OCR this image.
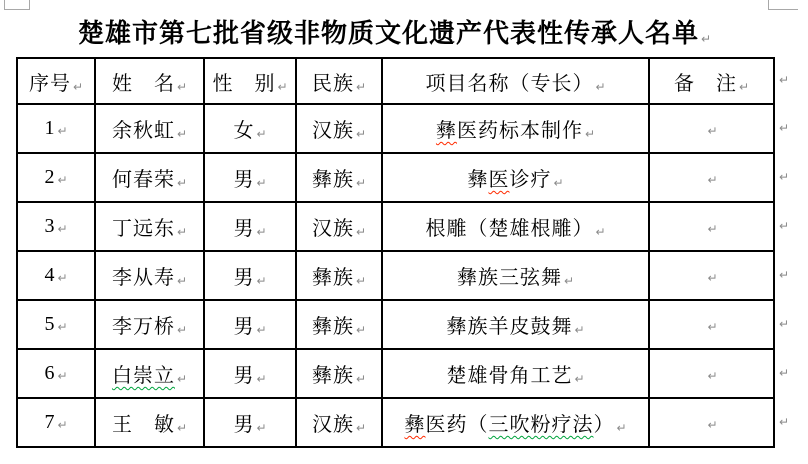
楚雄市第七批省级非物质文化遗产代表性传承人名单 ↵
序号 ↵	姓　名 ↵	性　别 ↵	民族 ↵	项目名称（专长） ↵	备　注 ↵
1 ↵	余秋虹 ↵	女 ↵	汉族 ↵	彝医药标本制作 ↵	↵
2 ↵	何春荣 ↵	男 ↵	彝族 ↵	彝医诊疗 ↵	↵
3 ↵	丁远东 ↵	男 ↵	汉族 ↵	根雕（楚雄根雕） ↵	↵
4 ↵	李从寿 ↵	男 ↵	彝族 ↵	彝族三弦舞 ↵	↵
5 ↵	李万桥 ↵	男 ↵	彝族 ↵	彝族羊皮鼓舞 ↵	↵
6 ↵	白崇立 ↵	男 ↵	彝族 ↵	楚雄骨角工艺 ↵	↵
7 ↵	王　敏 ↵	男 ↵	汉族 ↵	彝医药（三吹粉疗法） ↵	↵
↵
↵
↵
↵
↵
↵
↵
↵
